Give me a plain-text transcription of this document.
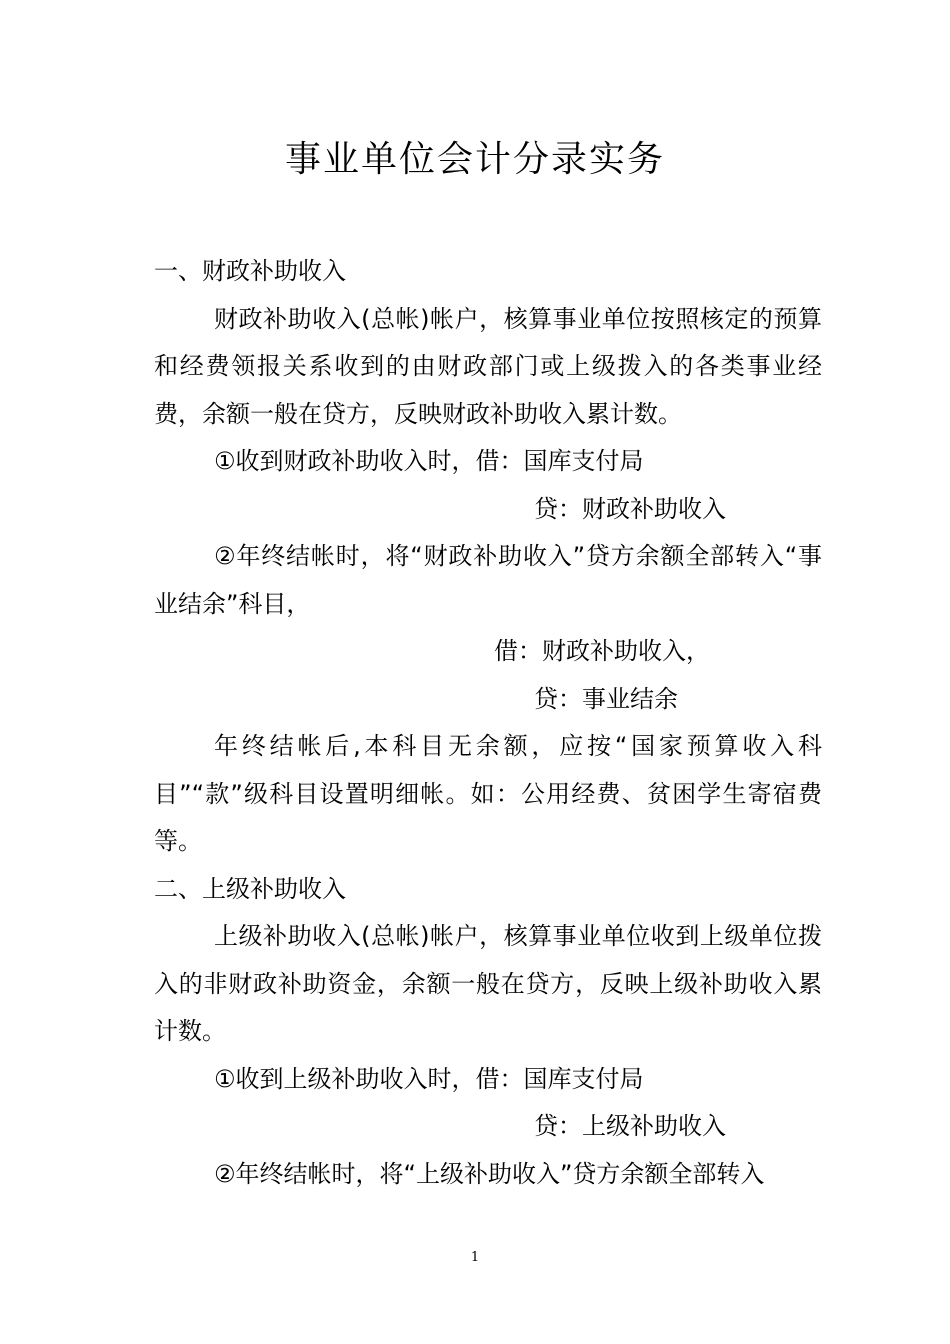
事业单位会计分录实务

一、财政补助收入

财政补助收入(总帐)帐户，核算事业单位按照核定的预算和经费领报关系收到的由财政部门或上级拨入的各类事业经费，余额一般在贷方，反映财政补助收入累计数。

①收到财政补助收入时，借：国库支付局

贷：财政补助收入

②年终结帐时，将“财政补助收入”贷方余额全部转入“事业结余”科目，

借：财政补助收入，

贷：事业结余

年终结帐后,本科目无余额，应按“国家预算收入科目”“款”级科目设置明细帐。如：公用经费、贫困学生寄宿费等。

二、上级补助收入

上级补助收入(总帐)帐户，核算事业单位收到上级单位拨入的非财政补助资金，余额一般在贷方，反映上级补助收入累计数。

①收到上级补助收入时，借：国库支付局

贷：上级补助收入

②年终结帐时，将“上级补助收入”贷方余额全部转入

1
